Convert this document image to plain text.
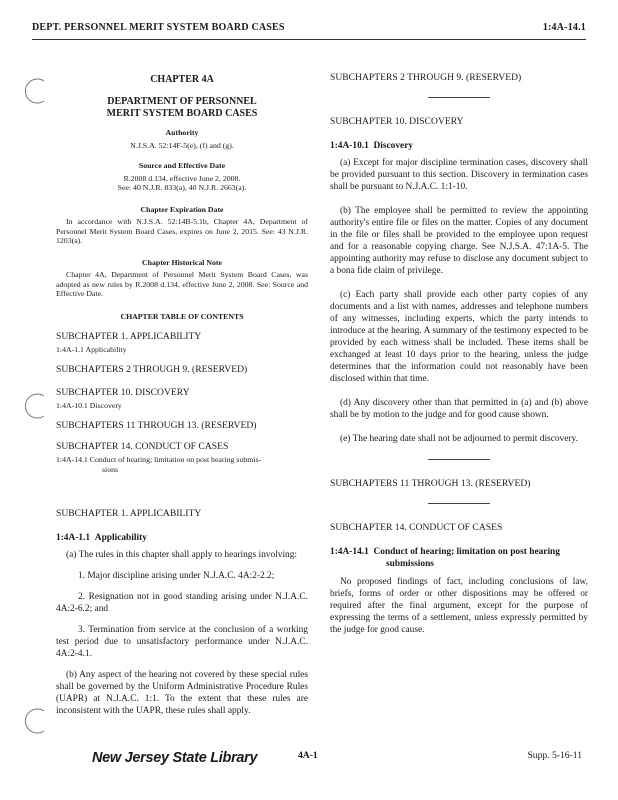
DEPT. PERSONNEL MERIT SYSTEM BOARD CASES	1:4A-14.1

CHAPTER 4A

DEPARTMENT OF PERSONNEL

MERIT SYSTEM BOARD CASES

Authority

N.J.S.A. 52:14F-5(e), (f) and (g).

Source and Effective Date

R.2008 d.134, effective June 2, 2008.

See: 40 N.J.R. 833(a), 40 N.J.R. 2663(a).

Chapter Expiration Date

In accordance with N.J.S.A. 52:14B-5.1b, Chapter 4A, Department of Personnel Merit System Board Cases, expires on June 2, 2015. See: 43 N.J.R. 1203(a).

Chapter Historical Note

Chapter 4A, Department of Personnel Merit System Board Cases, was adopted as new rules by R.2008 d.134, effective June 2, 2008. See: Source and Effective Date.

CHAPTER TABLE OF CONTENTS

SUBCHAPTER 1. APPLICABILITY

1:4A-1.1 Applicability

SUBCHAPTERS 2 THROUGH 9. (RESERVED)

SUBCHAPTER 10. DISCOVERY

1:4A-10.1 Discovery

SUBCHAPTERS 11 THROUGH 13. (RESERVED)

SUBCHAPTER 14. CONDUCT OF CASES

1:4A-14.1 Conduct of hearing; limitation on post hearing submis-

sions

SUBCHAPTER 1. APPLICABILITY

1:4A-1.1 Applicability

(a) The rules in this chapter shall apply to hearings involving:

1. Major discipline arising under N.J.A.C. 4A:2-2.2;

2. Resignation not in good standing arising under N.J.A.C. 4A:2-6.2; and

3. Termination from service at the conclusion of a working test period due to unsatisfactory performance under N.J.A.C. 4A:2-4.1.

(b) Any aspect of the hearing not covered by these special rules shall be governed by the Uniform Administrative Procedure Rules (UAPR) at N.J.A.C. 1:1. To the extent that these rules are inconsistent with the UAPR, these rules shall apply.

SUBCHAPTERS 2 THROUGH 9. (RESERVED)

SUBCHAPTER 10. DISCOVERY

1:4A-10.1 Discovery

(a) Except for major discipline termination cases, discovery shall be provided pursuant to this section. Discovery in termination cases shall be pursuant to N.J.A.C. 1:1-10.

(b) The employee shall be permitted to review the appointing authority's entire file or files on the matter. Copies of any document in the file or files shall be provided to the employee upon request and for a reasonable copying charge. See N.J.S.A. 47:1A-5. The appointing authority may refuse to disclose any document subject to a bona fide claim of privilege.

(c) Each party shall provide each other party copies of any documents and a list with names, addresses and telephone numbers of any witnesses, including experts, which the party intends to introduce at the hearing. A summary of the testimony expected to be provided by each witness shall be included. These items shall be exchanged at least 10 days prior to the hearing, unless the judge determines that the information could not reasonably have been disclosed within that time.

(d) Any discovery other than that permitted in (a) and (b) above shall be by motion to the judge and for good cause shown.

(e) The hearing date shall not be adjourned to permit discovery.

SUBCHAPTERS 11 THROUGH 13. (RESERVED)

SUBCHAPTER 14. CONDUCT OF CASES

1:4A-14.1 Conduct of hearing; limitation on post hearing

submissions

No proposed findings of fact, including conclusions of law, briefs, forms of order or other dispositions may be offered or required after the final argument, except for the purpose of expressing the terms of a settlement, unless expressly permitted by the judge for good cause.

New Jersey State Library	4A-1	Supp. 5-16-11
